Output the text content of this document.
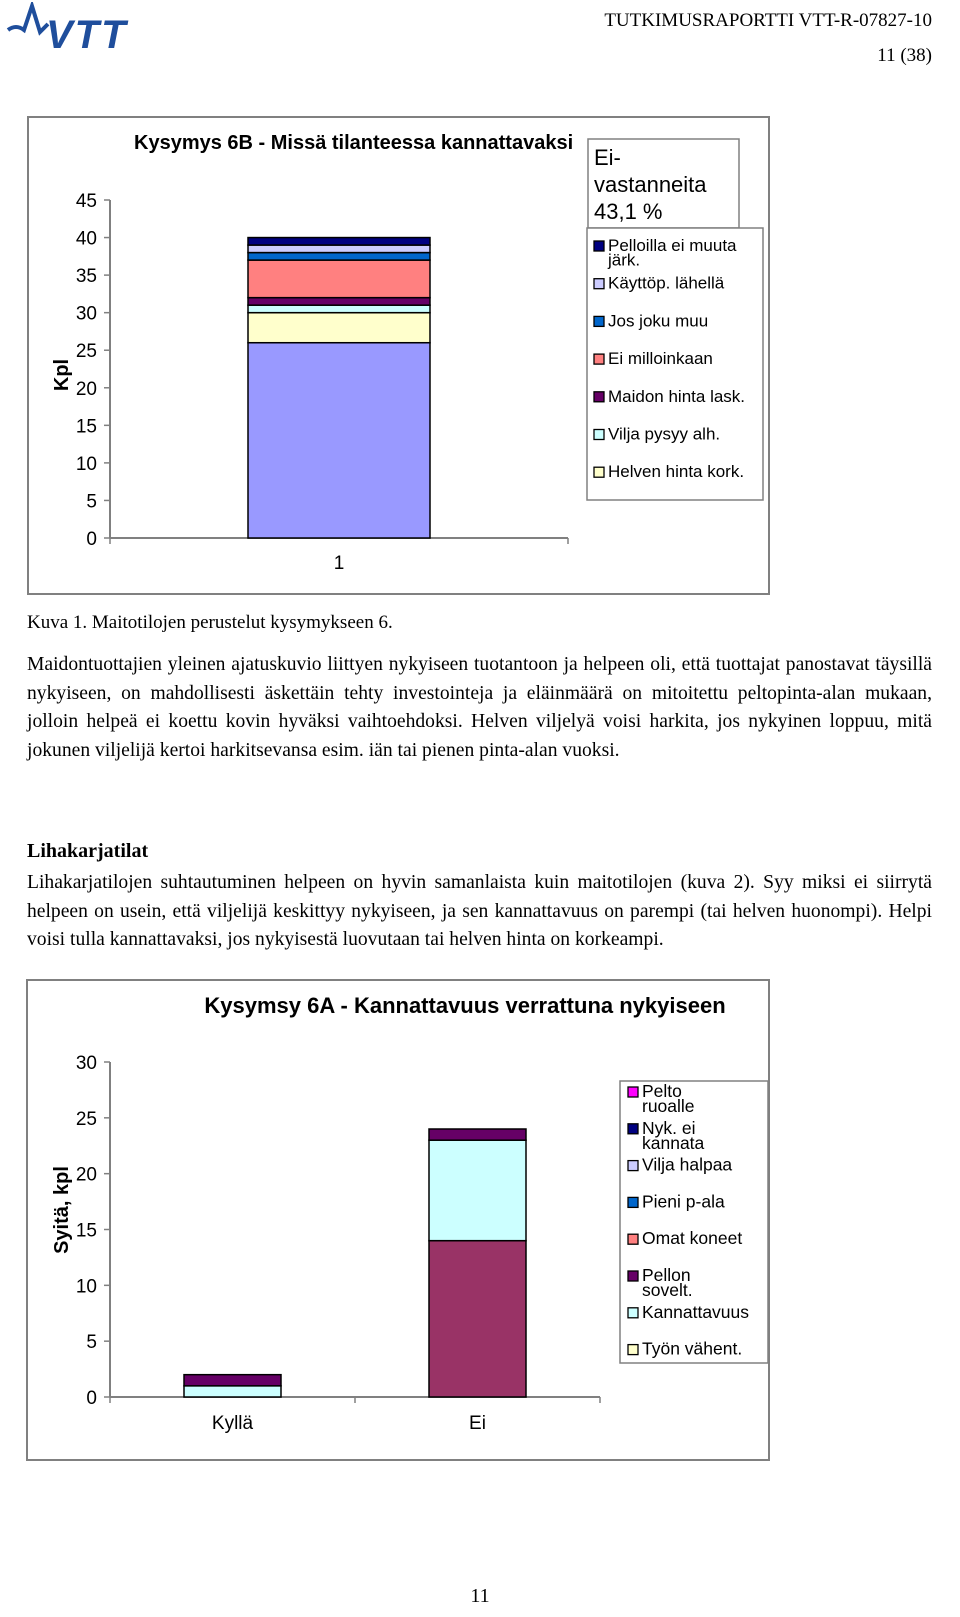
VTT	TUTKIMUSRAPORTTI VTT-R-07827-10
11 (38)
Kysymys 6B - Missä tilanteessa kannattavaksi
Ei-vastanneita 43,1 %
Kpl
0
5
10
15
20
25
30
35
40
45
1
Pelloilla ei muuta järk.
Käyttöp. lähellä
Jos joku muu
Ei milloinkaan
Maidon hinta lask.
Vilja pysyy alh.
Helven hinta kork.
Kuva 1. Maitotilojen perustelut kysymykseen 6.

Maidontuottajien yleinen ajatuskuvio liittyen nykyiseen tuotantoon ja helpeen oli, että tuottajat panostavat täysillä nykyiseen, on mahdollisesti äskettäin tehty investointeja ja eläinmäärä on mitoitettu peltopinta-alan mukaan, jolloin helpeä ei koettu kovin hyväksi vaihtoehdoksi. Helven viljelyä voisi harkita, jos nykyinen loppuu, mitä jokunen viljelijä kertoi harkitsevansa esim. iän tai pienen pinta-alan vuoksi.

Lihakarjatilat

Lihakarjatilojen suhtautuminen helpeen on hyvin samanlaista kuin maitotilojen (kuva 2). Syy miksi ei siirrytä helpeen on usein, että viljelijä keskittyy nykyiseen, ja sen kannattavuus on parempi (tai helven huonompi). Helpi voisi tulla kannattavaksi, jos nykyisestä luovutaan tai helven hinta on korkeampi.

Kysymsy 6A - Kannattavuus verrattuna nykyiseen
Syitä, kpl
0
5
10
15
20
25
30
Kyllä	Ei
Pelto ruoalle
Nyk. ei kannata
Vilja halpaa
Pieni p-ala
Omat koneet
Pellon sovelt.
Kannattavuus
Työn vähent.
11
